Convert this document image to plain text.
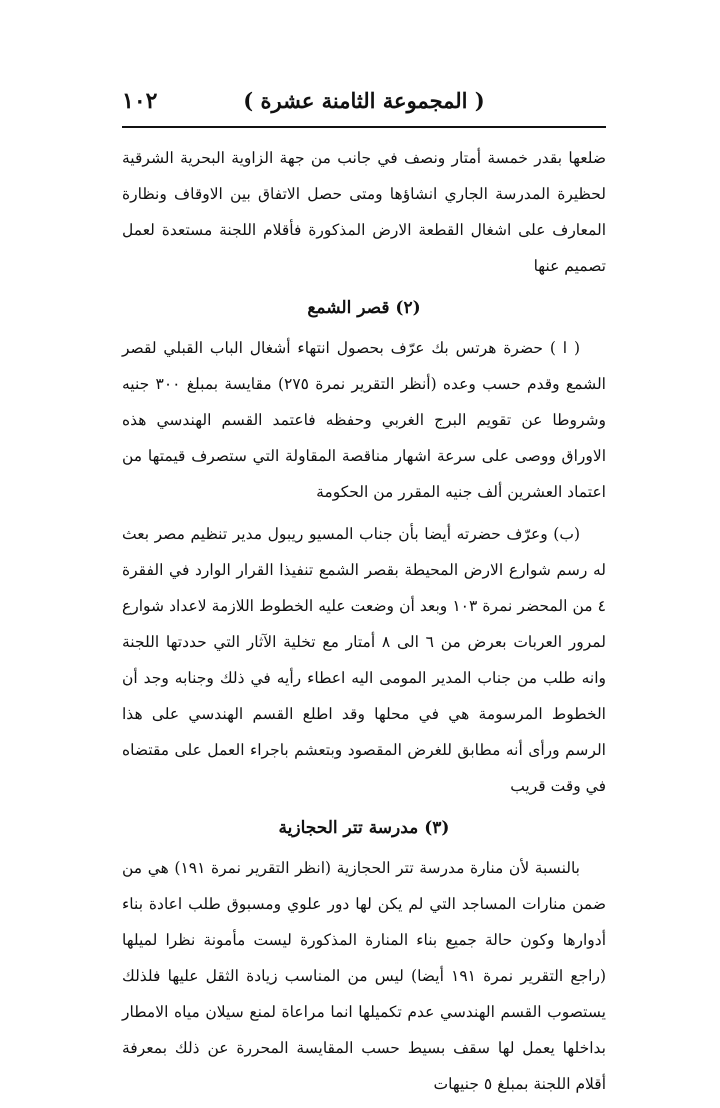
( المجموعة الثامنة عشرة )
١٠٢

ضلعها بقدر خمسة أمتار ونصف في جانب من جهة الزاوية البحرية الشرقية لحظيرة المدرسة الجاري انشاؤها ومتى حصل الاتفاق بين الاوقاف ونظارة المعارف على اشغال القطعة الارض المذكورة فأقلام اللجنة مستعدة لعمل تصميم عنها

(٢) قصر الشمع

( ا ) حضرة هرتس بك عرّف بحصول انتهاء أشغال الباب القبلي لقصر الشمع وقدم حسب وعده (أنظر التقرير نمرة ٢٧٥) مقايسة بمبلغ ٣٠٠ جنيه وشروطا عن تقويم البرج الغربي وحفظه فاعتمد القسم الهندسي هذه الاوراق ووصى على سرعة اشهار مناقصة المقاولة التي ستصرف قيمتها من اعتماد العشرين ألف جنيه المقرر من الحكومة

(ب) وعرّف حضرته أيضا بأن جناب المسيو ريبول مدير تنظيم مصر بعث له رسم شوارع الارض المحيطة بقصر الشمع تنفيذا القرار الوارد في الفقرة ٤ من المحضر نمرة ١٠٣ وبعد أن وضعت عليه الخطوط اللازمة لاعداد شوارع لمرور العربات بعرض من ٦ الى ٨ أمتار مع تخلية الآثار التي حددتها اللجنة وانه طلب من جناب المدير المومى اليه اعطاء رأيه في ذلك وجنابه وجد أن الخطوط المرسومة هي في محلها وقد اطلع القسم الهندسي على هذا الرسم ورأى أنه مطابق للغرض المقصود وبتعشم باجراء العمل على مقتضاه في وقت قريب

(٣) مدرسة تتر الحجازية

بالنسبة لأن منارة مدرسة تتر الحجازية (انظر التقرير نمرة ١٩١) هي من ضمن منارات المساجد التي لم يكن لها دور علوي ومسبوق طلب اعادة بناء أدوارها وكون حالة جميع بناء المنارة المذكورة ليست مأمونة نظرا لميلها (راجع التقرير نمرة ١٩١ أيضا) ليس من المناسب زيادة الثقل عليها فلذلك يستصوب القسم الهندسي عدم تكميلها انما مراعاة لمنع سيلان مياه الامطار بداخلها يعمل لها سقف بسيط حسب المقايسة المحررة عن ذلك بمعرفة أقلام اللجنة بمبلغ ٥ جنيهات
